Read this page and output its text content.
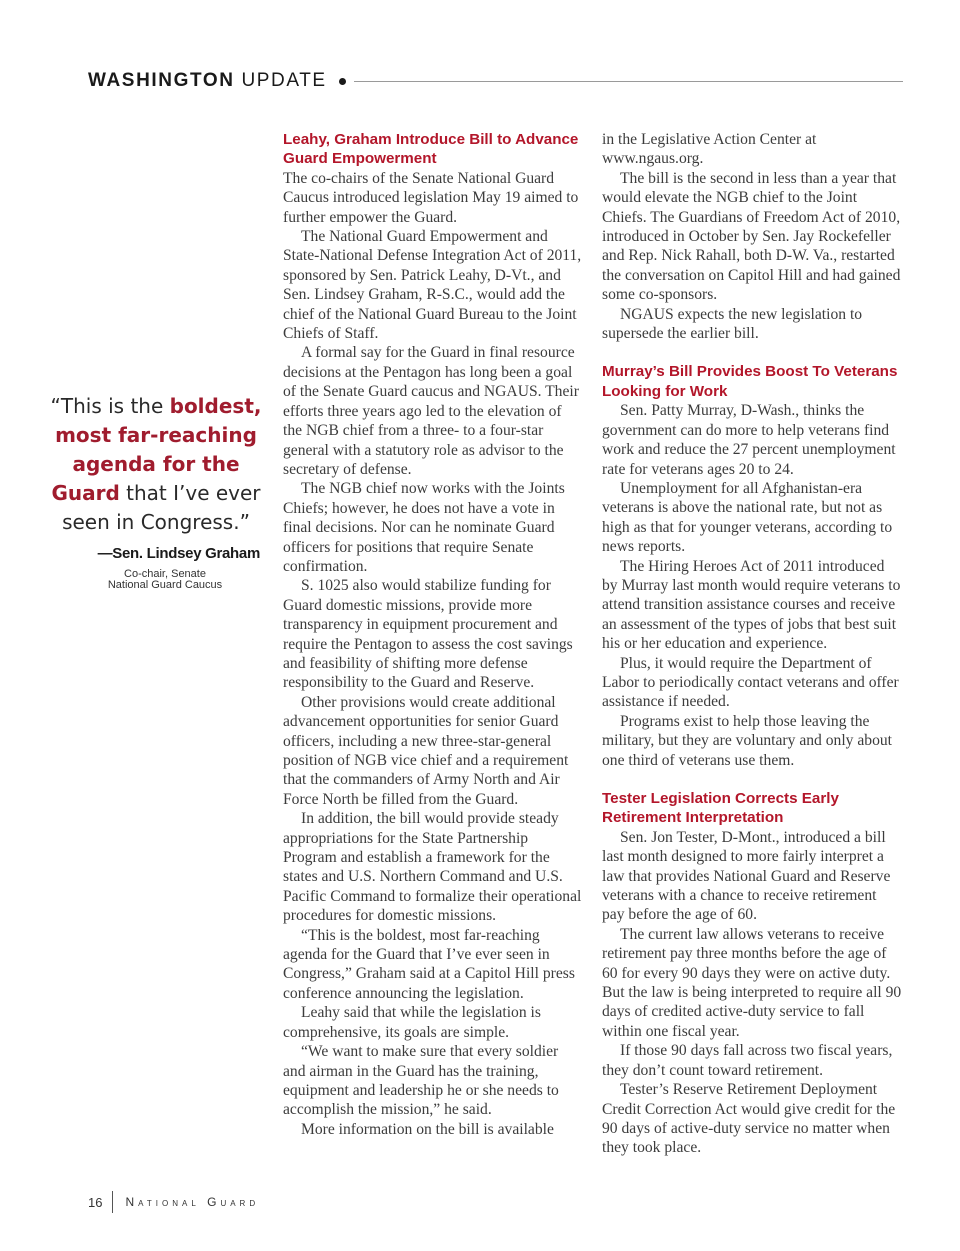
WASHINGTON UPDATE
“This is the boldest, most far-reaching agenda for the Guard that I’ve ever seen in Congress.”
—Sen. Lindsey Graham
Co-chair, Senate
National Guard Caucus
Leahy, Graham Introduce Bill to Advance Guard Empowerment

The co-chairs of the Senate National Guard Caucus introduced legislation May 19 aimed to further empower the Guard.

The National Guard Empowerment and State-National Defense Integration Act of 2011, sponsored by Sen. Patrick Leahy, D-Vt., and Sen. Lindsey Graham, R-S.C., would add the chief of the National Guard Bureau to the Joint Chiefs of Staff.

A formal say for the Guard in final resource decisions at the Pentagon has long been a goal of the Senate Guard caucus and NGAUS. Their efforts three years ago led to the elevation of the NGB chief from a three- to a four-star general with a statutory role as advisor to the secretary of defense.

The NGB chief now works with the Joints Chiefs; however, he does not have a vote in final decisions. Nor can he nominate Guard officers for positions that require Senate confirmation.

S. 1025 also would stabilize funding for Guard domestic missions, provide more transparency in equipment procurement and require the Pentagon to assess the cost savings and feasibility of shifting more defense responsibility to the Guard and Reserve.

Other provisions would create additional advancement opportunities for senior Guard officers, including a new three-star-general position of NGB vice chief and a requirement that the commanders of Army North and Air Force North be filled from the Guard.

In addition, the bill would provide steady appropriations for the State Partnership Program and establish a framework for the states and U.S. Northern Command and U.S. Pacific Command to formalize their operational procedures for domestic missions.

“This is the boldest, most far-reaching agenda for the Guard that I’ve ever seen in Congress,” Graham said at a Capitol Hill press conference announcing the legislation.

Leahy said that while the legislation is comprehensive, its goals are simple.

“We want to make sure that every soldier and airman in the Guard has the training, equipment and leadership he or she needs to accomplish the mission,” he said.

More information on the bill is available

in the Legislative Action Center at www.ngaus.org.

The bill is the second in less than a year that would elevate the NGB chief to the Joint Chiefs. The Guardians of Freedom Act of 2010, introduced in October by Sen. Jay Rockefeller and Rep. Nick Rahall, both D-W. Va., restarted the conversation on Capitol Hill and had gained some co-sponsors.

NGAUS expects the new legislation to supersede the earlier bill.

Murray’s Bill Provides Boost To Veterans Looking for Work

Sen. Patty Murray, D-Wash., thinks the government can do more to help veterans find work and reduce the 27 percent unemployment rate for veterans ages 20 to 24.

Unemployment for all Afghanistan-era veterans is above the national rate, but not as high as that for younger veterans, according to news reports.

The Hiring Heroes Act of 2011 introduced by Murray last month would require veterans to attend transition assistance courses and receive an assessment of the types of jobs that best suit his or her education and experience.

Plus, it would require the Department of Labor to periodically contact veterans and offer assistance if needed.

Programs exist to help those leaving the military, but they are voluntary and only about one third of veterans use them.

Tester Legislation Corrects Early Retirement Interpretation

Sen. Jon Tester, D-Mont., introduced a bill last month designed to more fairly interpret a law that provides National Guard and Reserve veterans with a chance to receive retirement pay before the age of 60.

The current law allows veterans to receive retirement pay three months before the age of 60 for every 90 days they were on active duty. But the law is being interpreted to require all 90 days of credited active-duty service to fall within one fiscal year.

If those 90 days fall across two fiscal years, they don’t count toward retirement.

Tester’s Reserve Retirement Deployment Credit Correction Act would give credit for the 90 days of active-duty service no matter when they took place.

16 National Guard
